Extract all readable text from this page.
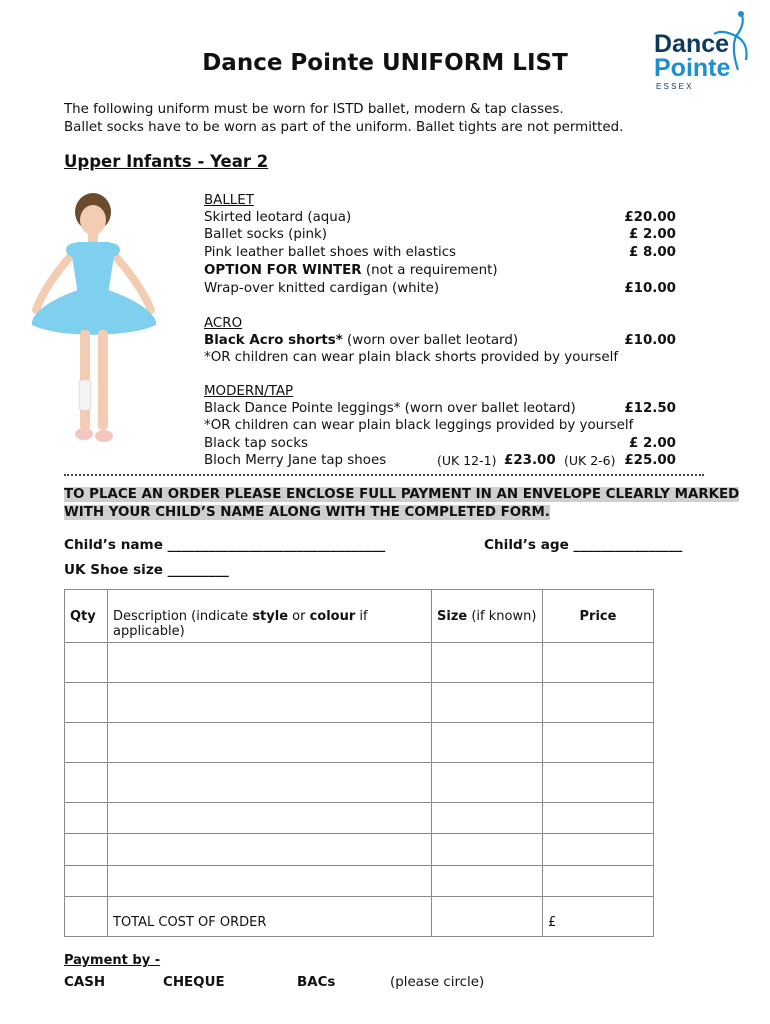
Dance
Pointe
E S S E X
Dance Pointe UNIFORM LIST
The following uniform must be worn for ISTD ballet, modern & tap classes.
Ballet socks have to be worn as part of the uniform. Ballet tights are not permitted.
Upper Infants - Year 2
BALLET
Skirted leotard (aqua)	£20.00
Ballet socks (pink)	£ 2.00
Pink leather ballet shoes with elastics	£ 8.00
OPTION FOR WINTER (not a requirement)
Wrap-over knitted cardigan (white)	£10.00
ACRO
Black Acro shorts* (worn over ballet leotard)	£10.00
*OR children can wear plain black shorts provided by yourself
MODERN/TAP
Black Dance Pointe leggings* (worn over ballet leotard)	£12.50
*OR children can wear plain black leggings provided by yourself
Black tap socks	£ 2.00
Bloch Merry Jane tap shoes	(UK 12-1) £23.00 (UK 2-6) £25.00
TO PLACE AN ORDER PLEASE ENCLOSE FULL PAYMENT IN AN ENVELOPE CLEARLY MARKED
WITH YOUR CHILD’S NAME ALONG WITH THE COMPLETED FORM.
Child’s name ________________________________	Child’s age ________________
UK Shoe size _________
Qty	Description (indicate style or colour if applicable)	Size (if known)	Price

	TOTAL COST OF ORDER		£
Payment by -
CASH	CHEQUE	BACs	(please circle)
